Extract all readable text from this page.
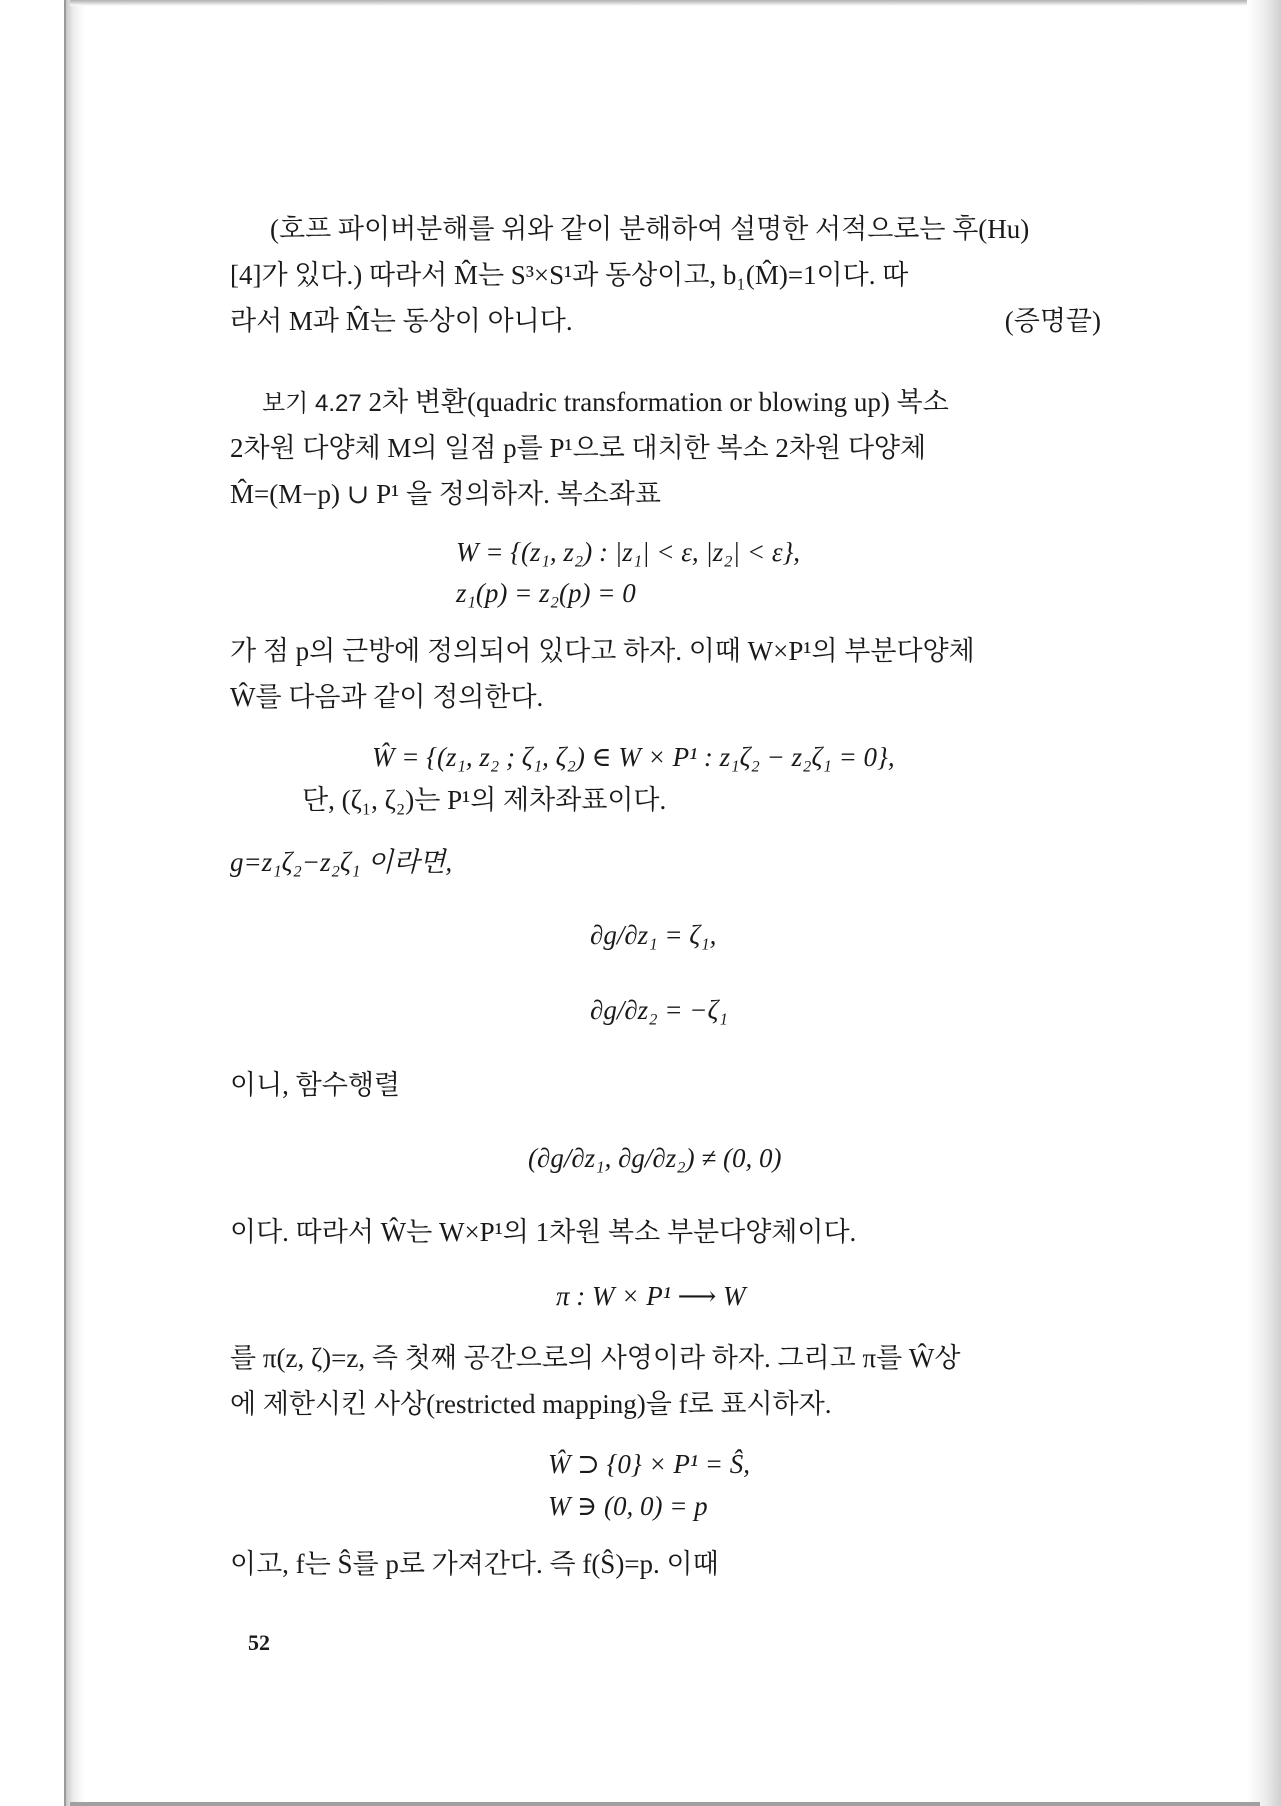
(호프 파이버분해를 위와 같이 분해하여 설명한 서적으로는 후(Hu)
[4]가 있다.) 따라서 M̂는 S³×S¹과 동상이고, b₁(M̂)=1이다. 따
라서 M과 M̂는 동상이 아니다.	(증명끝)
보기 4.27 2차 변환(quadric transformation or blowing up) 복소
2차원 다양체 M의 일점 p를 P¹으로 대치한 복소 2차원 다양체
M̂=(M−p) ∪ P¹ 을 정의하자. 복소좌표
W = {(z₁, z₂) : |z₁| < ε, |z₂| < ε},
z₁(p) = z₂(p) = 0
가 점 p의 근방에 정의되어 있다고 하자. 이때 W×P¹의 부분다양체
Ŵ를 다음과 같이 정의한다.
Ŵ = {(z₁, z₂ ; ζ₁, ζ₂) ∈ W × P¹ : z₁ζ₂ − z₂ζ₁ = 0},
단, (ζ₁, ζ₂)는 P¹의 제차좌표이다.
g=z₁ζ₂−z₂ζ₁ 이라면,
∂g/∂z₁ = ζ₁,
∂g/∂z₂ = −ζ₁
이니, 함수행렬
(∂g/∂z₁, ∂g/∂z₂) ≠ (0, 0)
이다. 따라서 Ŵ는 W×P¹의 1차원 복소 부분다양체이다.
π : W × P¹ ⟶ W
를 π(z, ζ)=z, 즉 첫째 공간으로의 사영이라 하자. 그리고 π를 Ŵ상
에 제한시킨 사상(restricted mapping)을 f로 표시하자.
Ŵ ⊃ {0} × P¹ = Ŝ,
W ∋ (0, 0) = p
이고, f는 Ŝ를 p로 가져간다. 즉 f(Ŝ)=p. 이때
52
